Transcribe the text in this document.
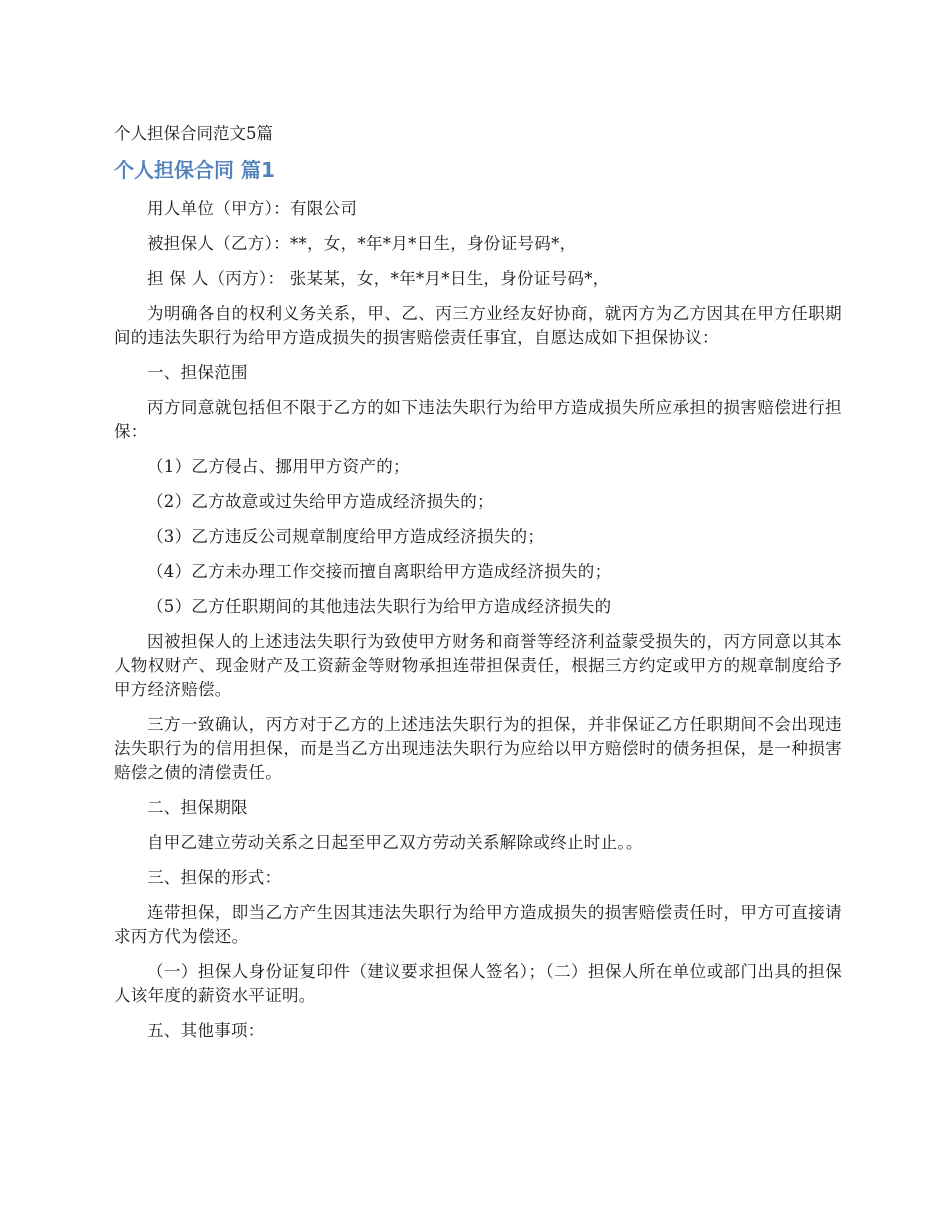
个人担保合同范文5篇
个人担保合同 篇1

用人单位（甲方）：有限公司

被担保人（乙方）：**，女，*年*月*日生，身份证号码*，

担 保 人（丙方）： 张某某，女，*年*月*日生，身份证号码*，

为明确各自的权利义务关系，甲、乙、丙三方业经友好协商，就丙方为乙方因其在甲方任职期间的违法失职行为给甲方造成损失的损害赔偿责任事宜，自愿达成如下担保协议：

一、担保范围

丙方同意就包括但不限于乙方的如下违法失职行为给甲方造成损失所应承担的损害赔偿进行担保：

（1）乙方侵占、挪用甲方资产的；

（2）乙方故意或过失给甲方造成经济损失的；

（3）乙方违反公司规章制度给甲方造成经济损失的；

（4）乙方未办理工作交接而擅自离职给甲方造成经济损失的；

（5）乙方任职期间的其他违法失职行为给甲方造成经济损失的

因被担保人的上述违法失职行为致使甲方财务和商誉等经济利益蒙受损失的，丙方同意以其本人物权财产、现金财产及工资薪金等财物承担连带担保责任，根据三方约定或甲方的规章制度给予甲方经济赔偿。

三方一致确认，丙方对于乙方的上述违法失职行为的担保，并非保证乙方任职期间不会出现违法失职行为的信用担保，而是当乙方出现违法失职行为应给以甲方赔偿时的债务担保，是一种损害赔偿之债的清偿责任。

二、担保期限

自甲乙建立劳动关系之日起至甲乙双方劳动关系解除或终止时止。。

三、担保的形式：

连带担保，即当乙方产生因其违法失职行为给甲方造成损失的损害赔偿责任时，甲方可直接请求丙方代为偿还。

（一）担保人身份证复印件（建议要求担保人签名）；（二）担保人所在单位或部门出具的担保人该年度的薪资水平证明。

五、其他事项：
